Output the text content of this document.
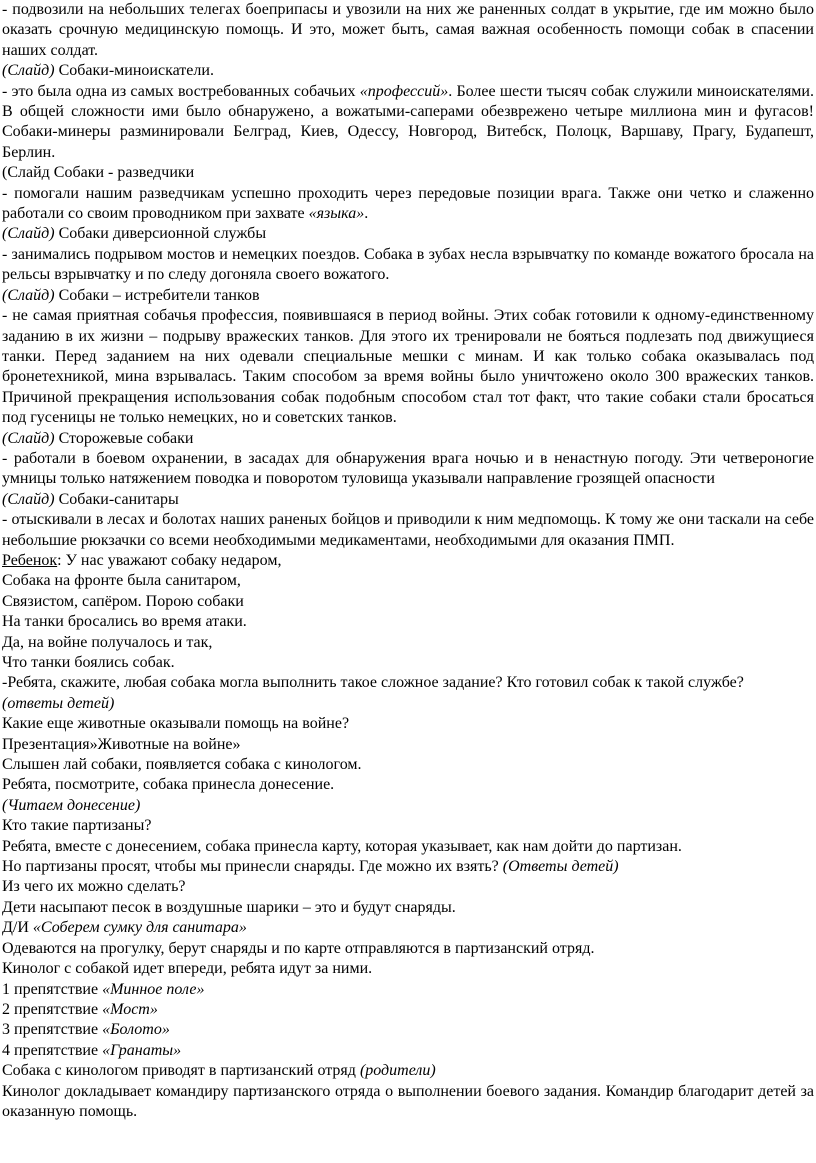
- подвозили на небольших телегах боеприпасы и увозили на них же раненных солдат в укрытие, где им можно было оказать срочную медицинскую помощь. И это, может быть, самая важная особенность помощи собак в спасении наших солдат.

(Слайд) Собаки-миноискатели.

- это была одна из самых востребованных собачьих «профессий». Более шести тысяч собак служили миноискателями. В общей сложности ими было обнаружено, а вожатыми-саперами обезврежено четыре миллиона мин и фугасов! Собаки-минеры разминировали Белград, Киев, Одессу, Новгород, Витебск, Полоцк, Варшаву, Прагу, Будапешт, Берлин.

(Слайд Собаки - разведчики

- помогали нашим разведчикам успешно проходить через передовые позиции врага. Также они четко и слаженно работали со своим проводником при захвате «языка».

(Слайд) Собаки диверсионной службы

- занимались подрывом мостов и немецких поездов. Собака в зубах несла взрывчатку по команде вожатого бросала на рельсы взрывчатку и по следу догоняла своего вожатого.

(Слайд) Собаки – истребители танков

- не самая приятная собачья профессия, появившаяся в период войны. Этих собак готовили к одному-единственному заданию в их жизни – подрыву вражеских танков. Для этого их тренировали не бояться подлезать под движущиеся танки. Перед заданием на них одевали специальные мешки с минам. И как только собака оказывалась под бронетехникой, мина взрывалась. Таким способом за время войны было уничтожено около 300 вражеских танков. Причиной прекращения использования собак подобным способом стал тот факт, что такие собаки стали бросаться под гусеницы не только немецких, но и советских танков.

(Слайд) Сторожевые собаки

- работали в боевом охранении, в засадах для обнаружения врага ночью и в ненастную погоду. Эти четвероногие умницы только натяжением поводка и поворотом туловища указывали направление грозящей опасности

(Слайд) Собаки-санитары

- отыскивали в лесах и болотах наших раненых бойцов и приводили к ним медпомощь. К тому же они таскали на себе небольшие рюкзачки со всеми необходимыми медикаментами, необходимыми для оказания ПМП.

Ребенок: У нас уважают собаку недаром,

Собака на фронте была санитаром,

Связистом, сапёром. Порою собаки

На танки бросались во время атаки.

Да, на войне получалось и так,

Что танки боялись собак.

-Ребята, скажите, любая собака могла выполнить такое сложное задание? Кто готовил собак к такой службе?

(ответы детей)

Какие еще животные оказывали помощь на войне?

Презентация»Животные на войне»

Слышен лай собаки, появляется собака с кинологом.

Ребята, посмотрите, собака принесла донесение.

(Читаем донесение)

Кто такие партизаны?

Ребята, вместе с донесением, собака принесла карту, которая указывает, как нам дойти до партизан.

Но партизаны просят, чтобы мы принесли снаряды. Где можно их взять? (Ответы детей)

Из чего их можно сделать?

Дети насыпают песок в воздушные шарики – это и будут снаряды.

Д/И «Соберем сумку для санитара»

Одеваются на прогулку, берут снаряды и по карте отправляются в партизанский отряд.

Кинолог с собакой идет впереди, ребята идут за ними.

1 препятствие «Минное поле»

2 препятствие «Мост»

3 препятствие «Болото»

4 препятствие «Гранаты»

Собака с кинологом приводят в партизанский отряд (родители)

Кинолог докладывает командиру партизанского отряда о выполнении боевого задания. Командир благодарит детей за оказанную помощь.
